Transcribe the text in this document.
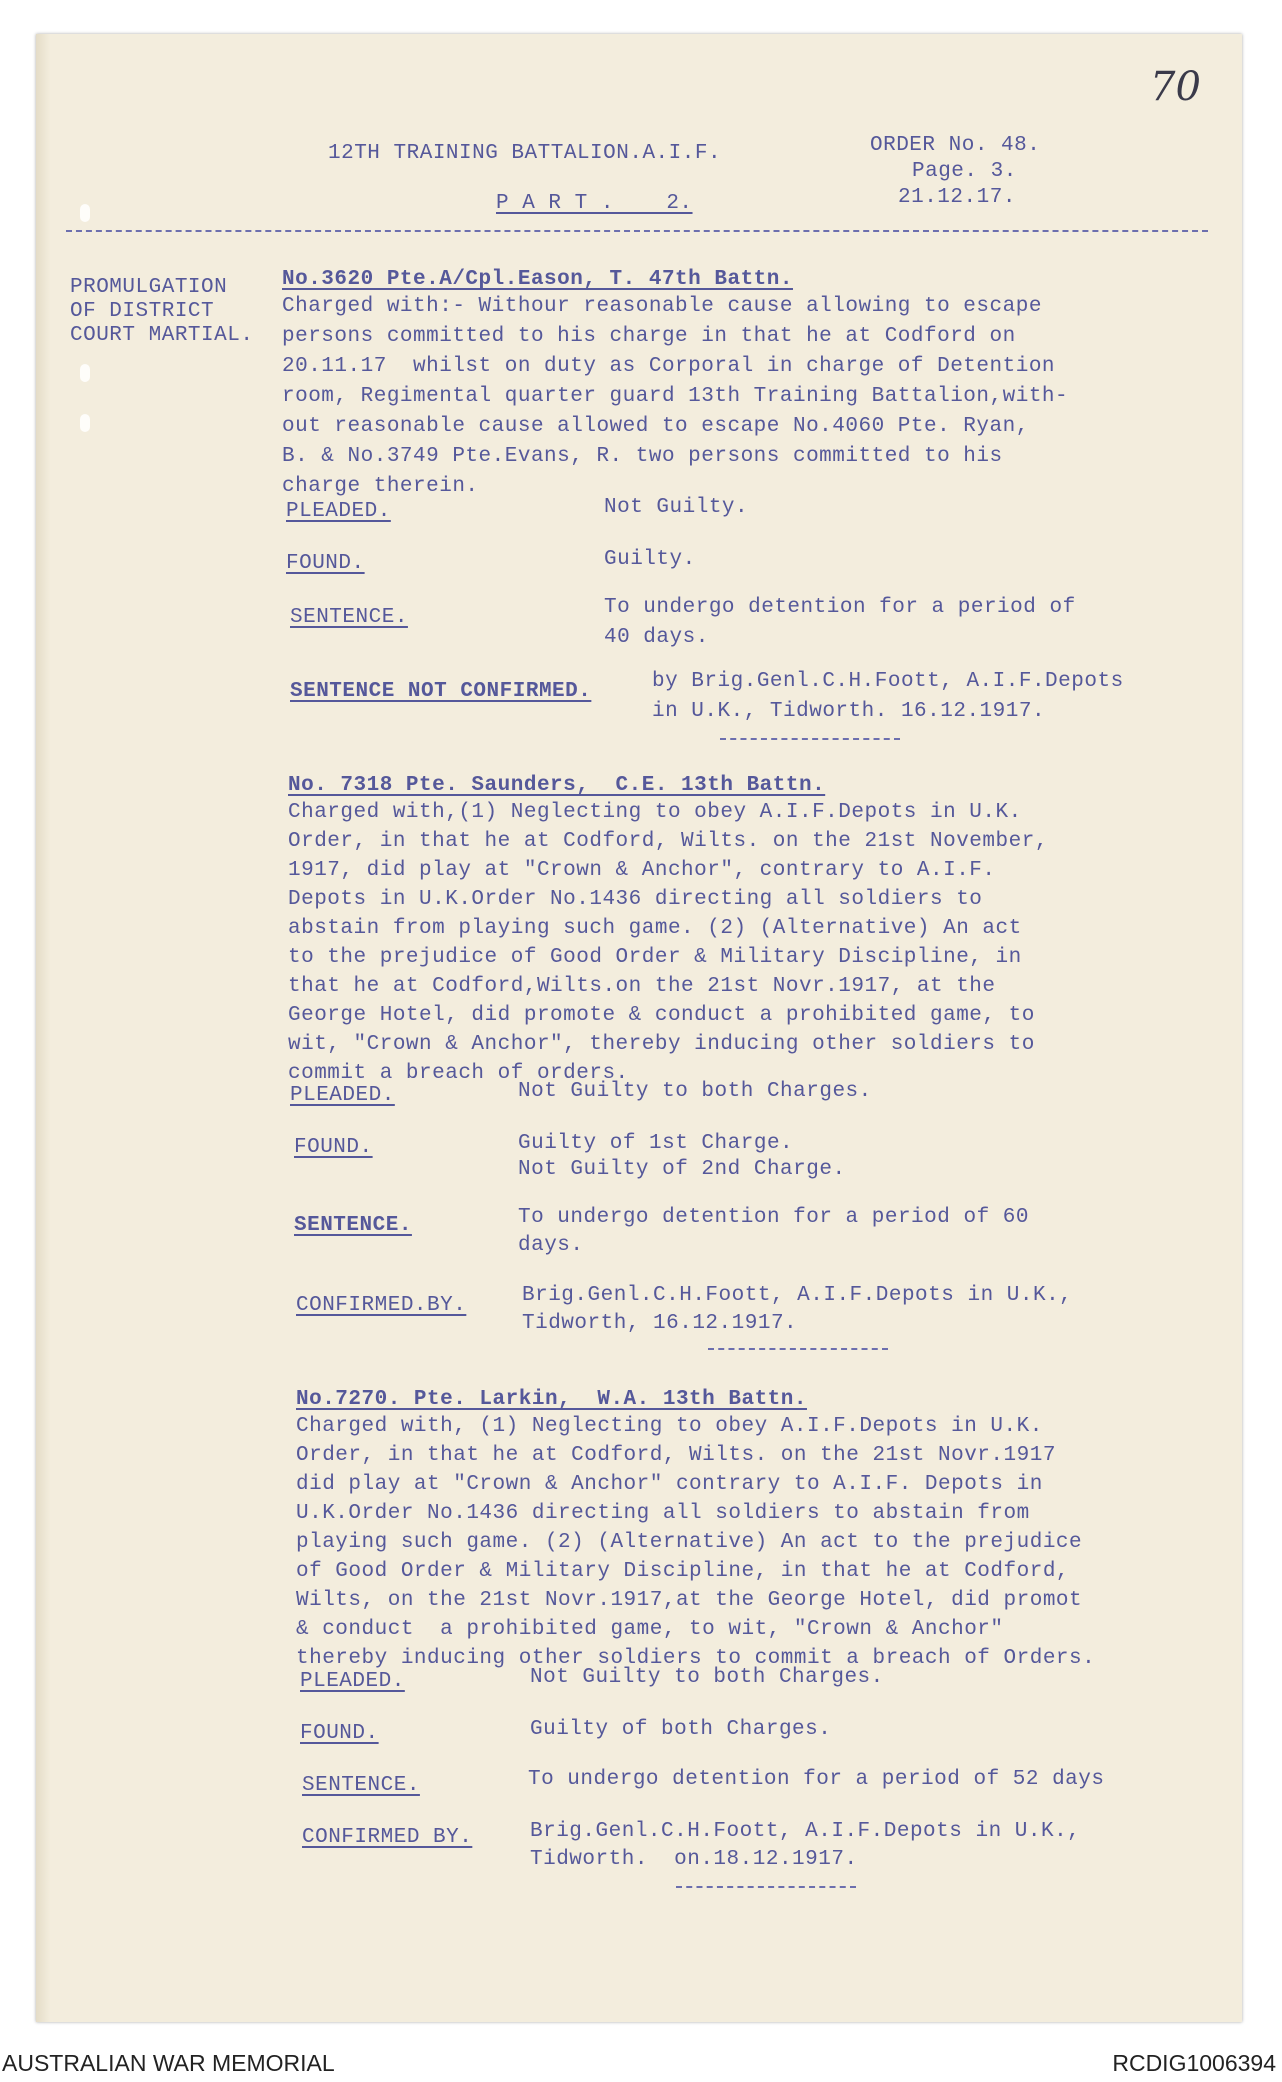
70
12TH TRAINING BATTALION.A.I.F.
P A R T .    2.
ORDER No. 48.
Page. 3.
21.12.17.
PROMULGATION
OF DISTRICT
COURT MARTIAL.
No.3620 Pte.A/Cpl.Eason, T. 47th Battn.
Charged with:- Withour reasonable cause allowing to escape
persons committed to his charge in that he at Codford on
20.11.17  whilst on duty as Corporal in charge of Detention
room, Regimental quarter guard 13th Training Battalion,with-
out reasonable cause allowed to escape No.4060 Pte. Ryan,
B. & No.3749 Pte.Evans, R. two persons committed to his
charge therein.
PLEADED.	Not Guilty.
FOUND.	Guilty.
SENTENCE.	To undergo detention for a period of
40 days.
SENTENCE NOT CONFIRMED.	by Brig.Genl.C.H.Foott, A.I.F.Depots
in U.K., Tidworth. 16.12.1917.
No. 7318 Pte. Saunders,  C.E. 13th Battn.
Charged with,(1) Neglecting to obey A.I.F.Depots in U.K.
Order, in that he at Codford, Wilts. on the 21st November,
1917, did play at "Crown & Anchor", contrary to A.I.F.
Depots in U.K.Order No.1436 directing all soldiers to
abstain from playing such game. (2) (Alternative) An act
to the prejudice of Good Order & Military Discipline, in
that he at Codford,Wilts.on the 21st Novr.1917, at the
George Hotel, did promote & conduct a prohibited game, to
wit, "Crown & Anchor", thereby inducing other soldiers to
commit a breach of orders.
PLEADED.	Not Guilty to both Charges.
FOUND.	Guilty of 1st Charge.
Not Guilty of 2nd Charge.
SENTENCE.	To undergo detention for a period of 60
days.
CONFIRMED.BY.	Brig.Genl.C.H.Foott, A.I.F.Depots in U.K.,
Tidworth, 16.12.1917.
No.7270. Pte. Larkin,  W.A. 13th Battn.
Charged with, (1) Neglecting to obey A.I.F.Depots in U.K.
Order, in that he at Codford, Wilts. on the 21st Novr.1917
did play at "Crown & Anchor" contrary to A.I.F. Depots in
U.K.Order No.1436 directing all soldiers to abstain from
playing such game. (2) (Alternative) An act to the prejudice
of Good Order & Military Discipline, in that he at Codford,
Wilts, on the 21st Novr.1917,at the George Hotel, did promot
& conduct  a prohibited game, to wit, "Crown & Anchor"
thereby inducing other soldiers to commit a breach of Orders.
PLEADED.	Not Guilty to both Charges.
FOUND.	Guilty of both Charges.
SENTENCE.	To undergo detention for a period of 52 days
CONFIRMED BY.	Brig.Genl.C.H.Foott, A.I.F.Depots in U.K.,
Tidworth.  on.18.12.1917.
AUSTRALIAN WAR MEMORIAL	RCDIG1006394
